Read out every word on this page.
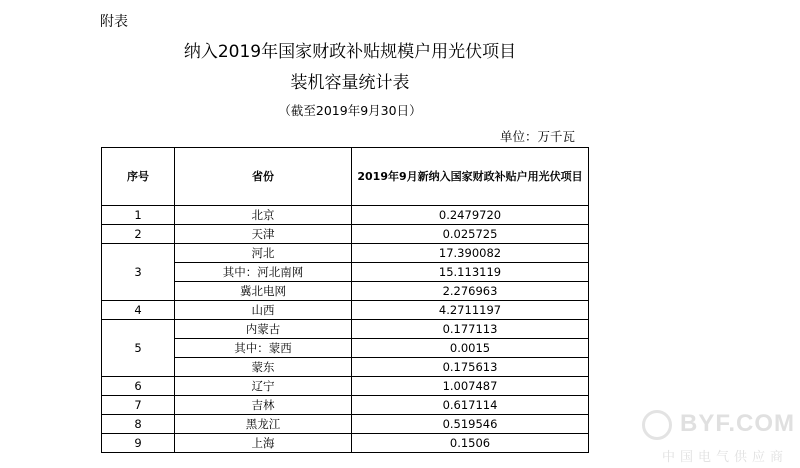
附表
纳入2019年国家财政补贴规模户用光伏项目
装机容量统计表
（截至2019年9月30日）
单位：万千瓦
序号	省份	2019年9月新纳入国家财政补贴户用光伏项目
1	北京	0.2479720
2	天津	0.025725
3	河北	17.390082
	其中：河北南网	15.113119
	冀北电网	2.276963
4	山西	4.2711197
5	内蒙古	0.177113
	其中：蒙西	0.0015
	蒙东	0.175613
6	辽宁	1.007487
7	吉林	0.617114
8	黑龙江	0.519546
9	上海	0.1506
BYF.COM
中国电气供应商
